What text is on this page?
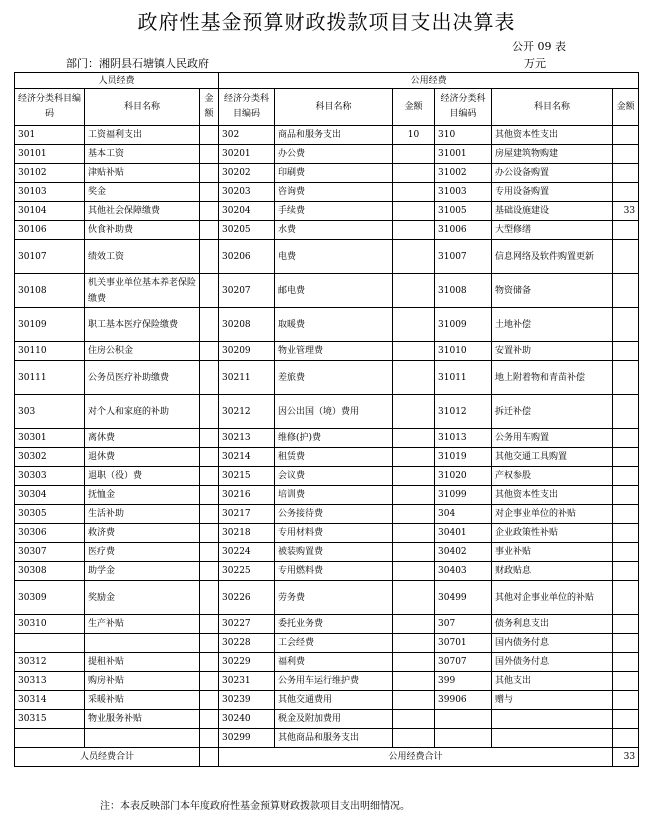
政府性基金预算财政拨款项目支出决算表
公开 09 表
部门：湘阴县石塘镇人民政府	万元
人员经费			公用经费					
经济分类科目编码	科目名称	金额	经济分类科目编码	科目名称	金额	经济分类科目编码	科目名称	金额
301	工资福利支出		302	商品和服务支出	10	310	其他资本性支出	
30101	基本工资		30201	办公费		31001	房屋建筑物购建	
30102	津贴补贴		30202	印刷费		31002	办公设备购置	
30103	奖金		30203	咨询费		31003	专用设备购置	
30104	其他社会保障缴费		30204	手续费		31005	基础设施建设	33
30106	伙食补助费		30205	水费		31006	大型修缮	
30107	绩效工资		30206	电费		31007	信息网络及软件购置更新	
30108	机关事业单位基本养老保险缴费		30207	邮电费		31008	物资储备	
30109	职工基本医疗保险缴费		30208	取暖费		31009	土地补偿	
30110	住房公积金		30209	物业管理费		31010	安置补助	
30111	公务员医疗补助缴费		30211	差旅费		31011	地上附着物和青苗补偿	
303	对个人和家庭的补助		30212	因公出国（境）费用		31012	拆迁补偿	
30301	离休费		30213	维修(护)费		31013	公务用车购置	
30302	退休费		30214	租赁费		31019	其他交通工具购置	
30303	退职（役）费		30215	会议费		31020	产权参股	
30304	抚恤金		30216	培训费		31099	其他资本性支出	
30305	生活补助		30217	公务接待费		304	对企事业单位的补贴	
30306	救济费		30218	专用材料费		30401	企业政策性补贴	
30307	医疗费		30224	被装购置费		30402	事业补贴	
30308	助学金		30225	专用燃料费		30403	财政贴息	
30309	奖励金		30226	劳务费		30499	其他对企事业单位的补贴	
30310	生产补贴		30227	委托业务费		307	债务利息支出	
			30228	工会经费		30701	国内债务付息	
30312	提租补贴		30229	福利费		30707	国外债务付息	
30313	购房补贴		30231	公务用车运行维护费		399	其他支出	
30314	采暖补贴		30239	其他交通费用		39906	赠与	
30315	物业服务补贴		30240	税金及附加费用				
			30299	其他商品和服务支出				
人员经费合计			公用经费合计					33
注：本表反映部门本年度政府性基金预算财政拨款项目支出明细情况。
